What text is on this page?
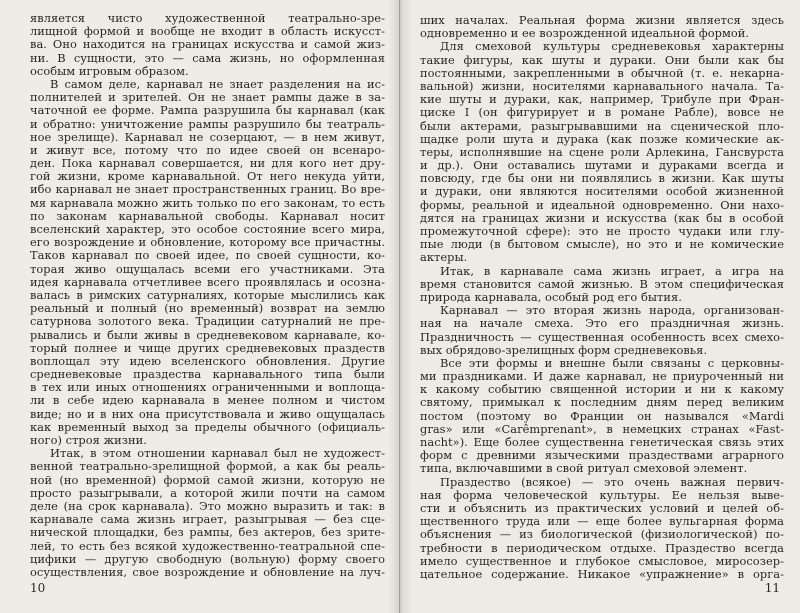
является чисто художественной театрально-зре-
лищной формой и вообще не входит в область искусст-
ва. Оно находится на границах искусства и самой жиз-
ни. В сущности, это — сама жизнь, но оформленная
особым игровым образом.
В самом деле, карнавал не знает разделения на ис-
полнителей и зрителей. Он не знает рампы даже в за-
чаточной ее форме. Рампа разрушила бы карнавал (как
и обратно: уничтожение рампы разрушило бы театраль-
ное зрелище). Карнавал не созерцают, — в нем живут,
и живут все, потому что по идее своей он всенаро-
ден. Пока карнавал совершается, ни для кого нет дру-
гой жизни, кроме карнавальной. От него некуда уйти,
ибо карнавал не знает пространственных границ. Во вре-
мя карнавала можно жить только по его законам, то есть
по законам карнавальной свободы. Карнавал носит
вселенский характер, это особое состояние всего мира,
его возрождение и обновление, которому все причастны.
Таков карнавал по своей идее, по своей сущности, ко-
торая живо ощущалась всеми его участниками. Эта
идея карнавала отчетливее всего проявлялась и осозна-
валась в римских сатурналиях, которые мыслились как
реальный и полный (но временный) возврат на землю
сатурнова золотого века. Традиции сатурналий не пре-
рывались и были живы в средневековом карнавале, ко-
торый полнее и чище других средневековых праздеств
воплощал эту идею вселенского обновления. Другие
средневековые праздества карнавального типа были
в тех или иных отношениях ограниченными и воплоща-
ли в себе идею карнавала в менее полном и чистом
виде; но и в них она присутствовала и живо ощущалась
как временный выход за пределы обычного (официаль-
ного) строя жизни.
Итак, в этом отношении карнавал был не художест-
венной театрально-зрелищной формой, а как бы реаль-
ной (но временной) формой самой жизни, которую не
просто разыгрывали, а которой жили почти на самом
деле (на срок карнавала). Это можно выразить и так: в
карнавале сама жизнь играет, разыгрывая — без сце-
нической площадки, без рампы, без актеров, без зрите-
лей, то есть без всякой художественно-театральной спе-
цифики — другую свободную (вольную) форму своего
осуществления, свое возрождение и обновление на луч-
10
ших началах. Реальная форма жизни является здесь
одновременно и ее возрожденной идеальной формой.
Для смеховой культуры средневековья характерны
такие фигуры, как шуты и дураки. Они были как бы
постоянными, закрепленными в обычной (т. е. некарна-
вальной) жизни, носителями карнавального начала. Та-
кие шуты и дураки, как, например, Трибуле при Фран-
циске I (он фигурирует и в романе Рабле), вовсе не
были актерами, разыгрывавшими на сценической пло-
щадке роли шута и дурака (как позже комические ак-
теры, исполнявшие на сцене роли Арлекина, Гансвурста
и др.). Они оставались шутами и дураками всегда и
повсюду, где бы они ни появлялись в жизни. Как шуты
и дураки, они являются носителями особой жизненной
формы, реальной и идеальной одновременно. Они нахо-
дятся на границах жизни и искусства (как бы в особой
промежуточной сфере): это не просто чудаки или глу-
пые люди (в бытовом смысле), но это и не комические
актеры.
Итак, в карнавале сама жизнь играет, а игра на
время становится самой жизнью. В этом специфическая
природа карнавала, особый род его бытия.
Карнавал — это вторая жизнь народа, организован-
ная на начале смеха. Это его праздничная жизнь.
Праздничность — существенная особенность всех смехо-
вых обрядово-зрелищных форм средневековья.
Все эти формы и внешне были связаны с церковны-
ми праздниками. И даже карнавал, не приуроченный ни
к какому событию священной истории и ни к какому
святому, примыкал к последним дням перед великим
постом (поэтому во Франции он назывался «Mardi
gras» или «Carêmprenant», в немецких странах «Fast-
nacht»). Еще более существенна генетическая связь этих
форм с древними языческими праздествами аграрного
типа, включавшими в свой ритуал смеховой элемент.
Праздество (всякое) — это очень важная первич-
ная форма человеческой культуры. Ее нельзя выве-
сти и объяснить из практических условий и целей об-
щественного труда или — еще более вульгарная форма
объяснения — из биологической (физиологической) по-
требности в периодическом отдыхе. Праздество всегда
имело существенное и глубокое смысловое, миросозер-
цательное содержание. Никакое «упражнение» в орга-
11
